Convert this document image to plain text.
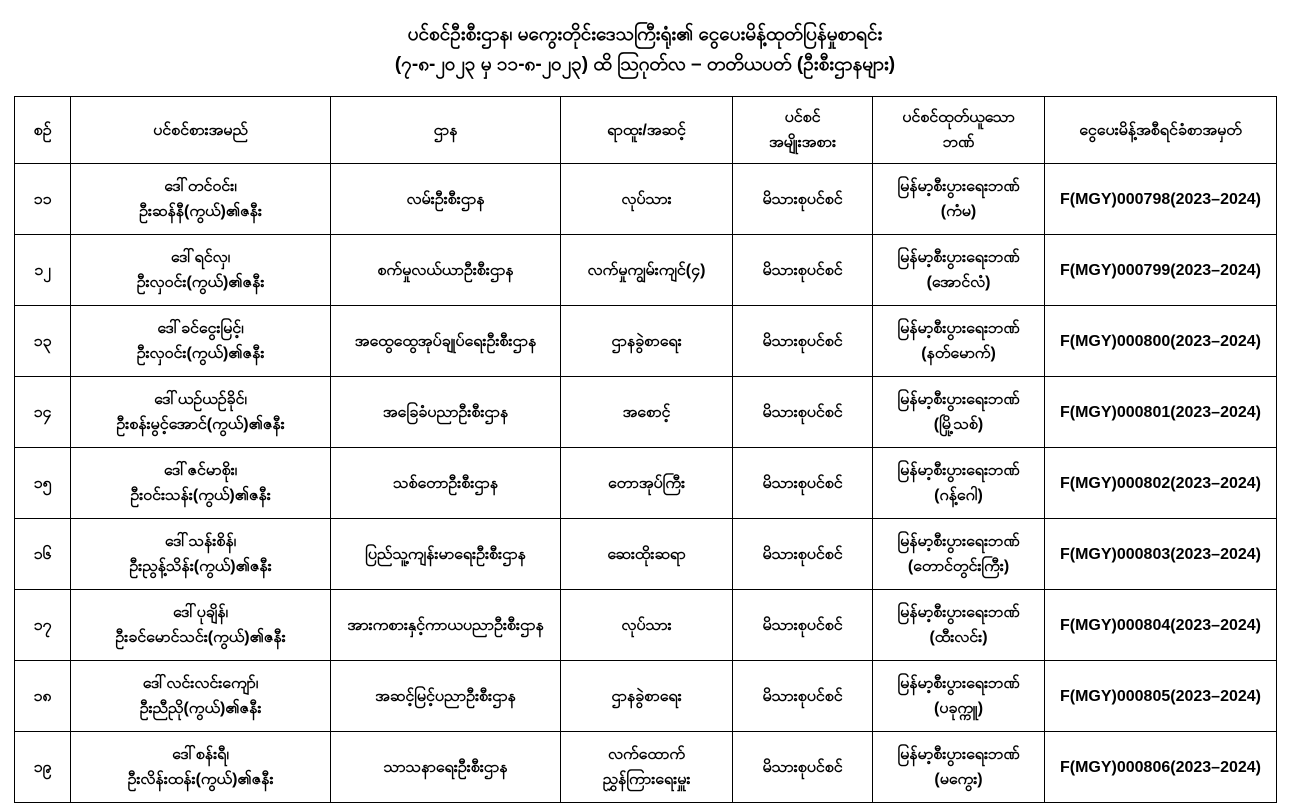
ပင်စင်ဦးစီးဌာန၊ မကွေးတိုင်းဒေသကြီးရုံး၏ ငွေပေးမိန့်ထုတ်ပြန်မှုစာရင်း
(၇-၈-၂၀၂၃ မှ ၁၁-၈-၂၀၂၃) ထိ ဩဂုတ်လ – တတိယပတ် (ဦးစီးဌာနများ)
စဉ်	ပင်စင်စားအမည်	ဌာန	ရာထူး/အဆင့်	ပင်စင်
အမျိုးအစား	ပင်စင်ထုတ်ယူသော
ဘဏ်	ငွေပေးမိန့်အစီရင်ခံစာအမှတ်

၁၁	ဒေါ်တင်ဝင်း၊
ဦးဆန်နီ(ကွယ်)၏ဇနီး	လမ်းဦးစီးဌာန	လုပ်သား	မိသားစုပင်စင်	မြန်မာ့စီးပွားရေးဘဏ်
(ကံမ)	F(MGY)000798(2023–2024)
၁၂	ဒေါ်ရင်လှ၊
ဦးလှဝင်း(ကွယ်)၏ဇနီး	စက်မှုလယ်ယာဦးစီးဌာန	လက်မှုကျွမ်းကျင်(၄)	မိသားစုပင်စင်	မြန်မာ့စီးပွားရေးဘဏ်
(အောင်လံ)	F(MGY)000799(2023–2024)
၁၃	ဒေါ်ခင်ငွေးမြင့်၊
ဦးလှဝင်း(ကွယ်)၏ဇနီး	အထွေထွေအုပ်ချုပ်ရေးဦးစီးဌာန	ဌာနခွဲစာရေး	မိသားစုပင်စင်	မြန်မာ့စီးပွားရေးဘဏ်
(နတ်မောက်)	F(MGY)000800(2023–2024)
၁၄	ဒေါ်ယဉ်ယဉ်ခိုင်၊
ဦးစန်းမွင့်အောင်(ကွယ်)၏ဇနီး	အခြေခံပညာဦးစီးဌာန	အစောင့်	မိသားစုပင်စင်	မြန်မာ့စီးပွားရေးဘဏ်
(မြို့သစ်)	F(MGY)000801(2023–2024)
၁၅	ဒေါ်ဇင်မာစိုး၊
ဦးဝင်းသန်း(ကွယ်)၏ဇနီး	သစ်တောဦးစီးဌာန	တောအုပ်ကြီး	မိသားစုပင်စင်	မြန်မာ့စီးပွားရေးဘဏ်
(ဂန့်ဂေါ)	F(MGY)000802(2023–2024)
၁၆	ဒေါ်သန်းစိန်၊
ဦးညွန့်သိန်း(ကွယ်)၏ဇနီး	ပြည်သူ့ကျန်းမာရေးဦးစီးဌာန	ဆေးထိုးဆရာ	မိသားစုပင်စင်	မြန်မာ့စီးပွားရေးဘဏ်
(တောင်တွင်းကြီး)	F(MGY)000803(2023–2024)
၁၇	ဒေါ်ပုချိန်၊
ဦးခင်မောင်သင်း(ကွယ်)၏ဇနီး	အားကစားနှင့်ကာယပညာဦးစီးဌာန	လုပ်သား	မိသားစုပင်စင်	မြန်မာ့စီးပွားရေးဘဏ်
(ထီးလင်း)	F(MGY)000804(2023–2024)
၁၈	ဒေါ်လင်းလင်းကျော်၊
ဦးညီညို(ကွယ်)၏ဇနီး	အဆင့်မြင့်ပညာဦးစီးဌာန	ဌာနခွဲစာရေး	မိသားစုပင်စင်	မြန်မာ့စီးပွားရေးဘဏ်
(ပခုက္ကူ)	F(MGY)000805(2023–2024)
၁၉	ဒေါ်စန်းရီ၊
ဦးလိန်းထန်း(ကွယ်)၏ဇနီး	သာသနာရေးဦးစီးဌာန	လက်ထောက်
ညွှန်ကြားရေးမှူး	မိသားစုပင်စင်	မြန်မာ့စီးပွားရေးဘဏ်
(မကွေး)	F(MGY)000806(2023–2024)
